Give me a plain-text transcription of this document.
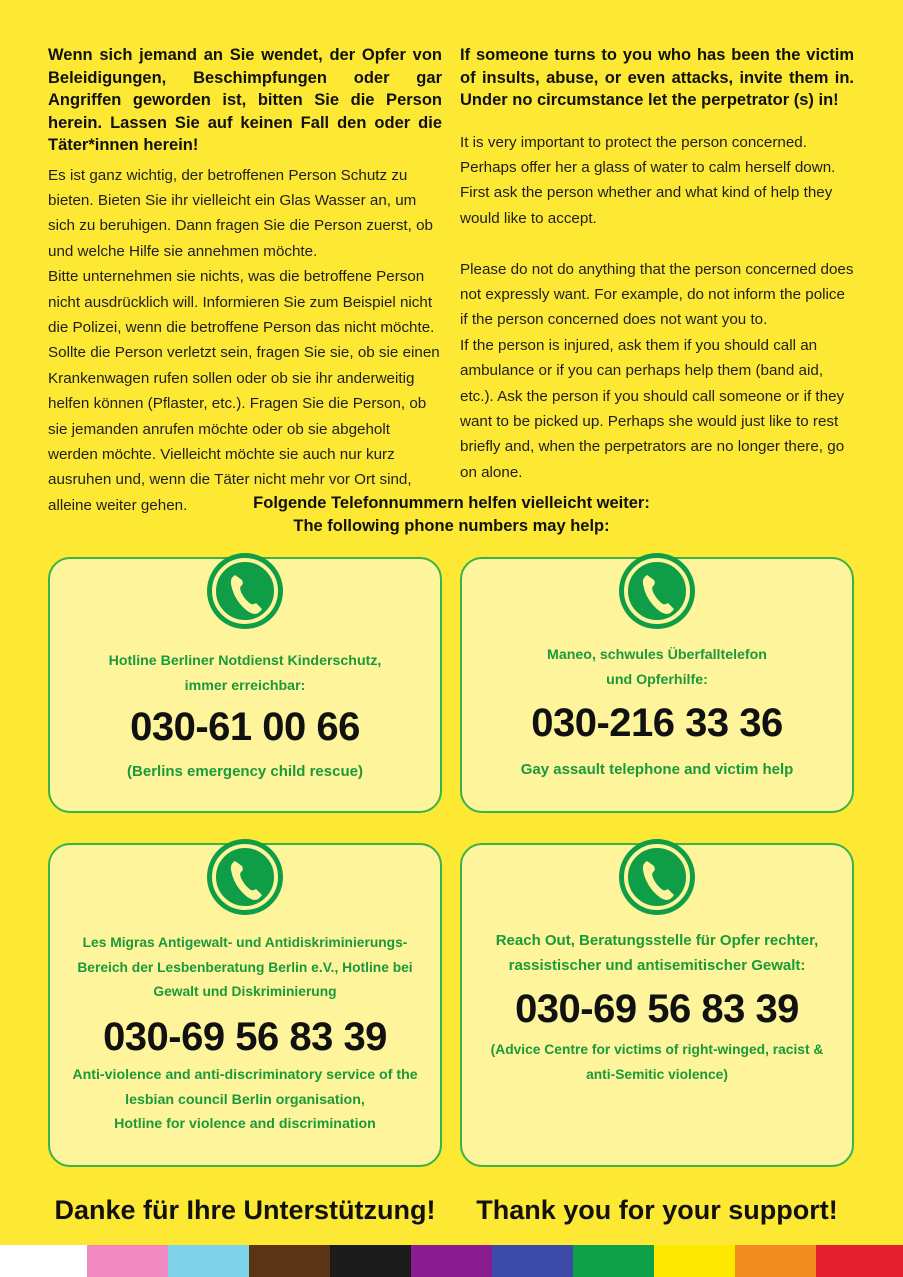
Wenn sich jemand an Sie wendet, der Opfer von Beleidigungen, Beschimpfungen oder gar Angriffen geworden ist, bitten Sie die Person herein. Lassen Sie auf keinen Fall den oder die Täter*innen herein!

Es ist ganz wichtig, der betroffenen Person Schutz zu bieten. Bieten Sie ihr vielleicht ein Glas Wasser an, um sich zu beruhigen. Dann fragen Sie die Person zuerst, ob und welche Hilfe sie annehmen möchte.
Bitte unternehmen sie nichts, was die betroffene Person nicht ausdrücklich will. Informieren Sie zum Beispiel nicht die Polizei, wenn die betroffene Person das nicht möchte. Sollte die Person verletzt sein, fragen Sie sie, ob sie einen Krankenwagen rufen sollen oder ob sie ihr anderweitig helfen können (Pflaster, etc.). Fragen Sie die Person, ob sie jemanden anrufen möchte oder ob sie abgeholt werden möchte. Vielleicht möchte sie auch nur kurz ausruhen und, wenn die Täter nicht mehr vor Ort sind, alleine weiter gehen.

If someone turns to you who has been the victim of insults, abuse, or even attacks, invite them in. Under no circumstance let the perpetrator (s) in!

It is very important to protect the person concerned. Perhaps offer her a glass of water to calm herself down. First ask the person whether and what kind of help they would like to accept.

Please do not do anything that the person concerned does not expressly want. For example, do not inform the police if the person concerned does not want you to.
If the person is injured, ask them if you should call an ambulance or if you can perhaps help them (band aid, etc.). Ask the person if you should call someone or if they want to be picked up. Perhaps she would just like to rest briefly and, when the perpetrators are no longer there, go on alone.

Folgende Telefonnummern helfen vielleicht weiter:
The following phone numbers may help:
Hotline Berliner Notdienst Kinderschutz,
immer erreichbar:
030-61 00 66
(Berlins emergency child rescue)
Maneo, schwules Überfalltelefon
und Opferhilfe:
030-216 33 36
Gay assault telephone and victim help
Les Migras Antigewalt- und Antidiskriminierungs-
Bereich der Lesbenberatung Berlin e.V., Hotline bei
Gewalt und Diskriminierung
030-69 56 83 39
Anti-violence and anti-discriminatory service of the
lesbian council Berlin organisation,
Hotline for violence and discrimination
Reach Out, Beratungsstelle für Opfer rechter,
rassistischer und antisemitischer Gewalt:
030-69 56 83 39
(Advice Centre for victims of right-winged, racist &
anti-Semitic violence)
Danke für Ihre Unterstützung!	Thank you for your support!
